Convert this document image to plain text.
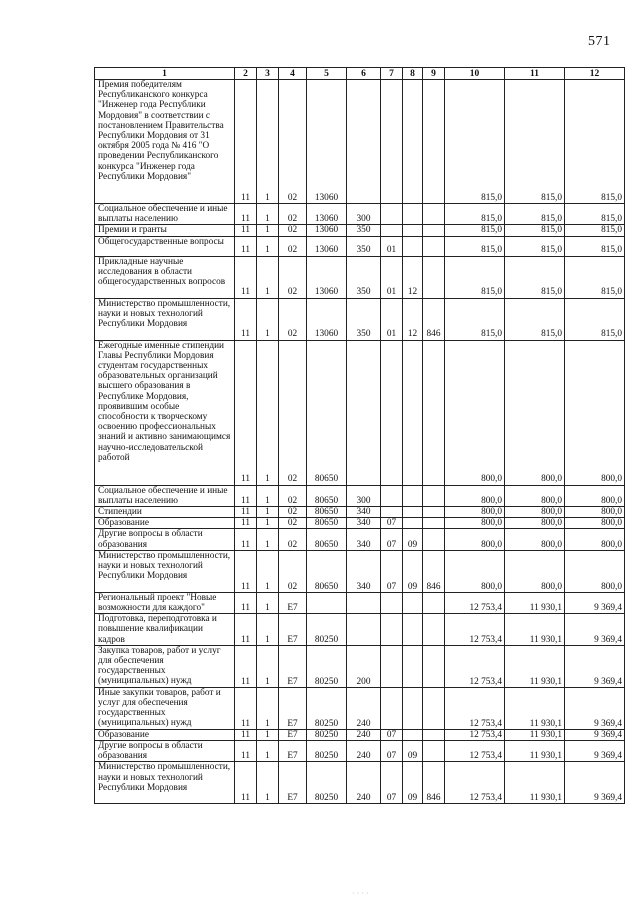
571
1	2	3	4	5	6	7	8	9	10	11	12
Премия победителям Республиканского конкурса "Инженер года Республики Мордовия" в соответствии с постановлением Правительства Республики Мордовия от 31 октября 2005 года № 416 "О проведении Республиканского конкурса "Инженер года Республики Мордовия"	11	1	02	13060					815,0	815,0	815,0
Социальное обеспечение и иные выплаты населению	11	1	02	13060	300				815,0	815,0	815,0
Премии и гранты	11	1	02	13060	350				815,0	815,0	815,0
Общегосударственные вопросы	11	1	02	13060	350	01			815,0	815,0	815,0
Прикладные научные исследования в области общегосударственных вопросов	11	1	02	13060	350	01	12		815,0	815,0	815,0
Министерство промышленности, науки и новых технологий Республики Мордовия	11	1	02	13060	350	01	12	846	815,0	815,0	815,0
Ежегодные именные стипендии Главы Республики Мордовия студентам государственных образовательных организаций высшего образования в Республике Мордовия, проявившим особые способности к творческому освоению профессиональных знаний и активно занимающимся научно-исследовательской работой	11	1	02	80650					800,0	800,0	800,0
Социальное обеспечение и иные выплаты населению	11	1	02	80650	300				800,0	800,0	800,0
Стипендии	11	1	02	80650	340				800,0	800,0	800,0
Образование	11	1	02	80650	340	07			800,0	800,0	800,0
Другие вопросы в области образования	11	1	02	80650	340	07	09		800,0	800,0	800,0
Министерство промышленности, науки и новых технологий Республики Мордовия	11	1	02	80650	340	07	09	846	800,0	800,0	800,0
Региональный проект "Новые возможности для каждого"	11	1	E7						12 753,4	11 930,1	9 369,4
Подготовка, переподготовка и повышение квалификации кадров	11	1	E7	80250					12 753,4	11 930,1	9 369,4
Закупка товаров, работ и услуг для обеспечения государственных (муниципальных) нужд	11	1	E7	80250	200				12 753,4	11 930,1	9 369,4
Иные закупки товаров, работ и услуг для обеспечения государственных (муниципальных) нужд	11	1	E7	80250	240				12 753,4	11 930,1	9 369,4
Образование	11	1	E7	80250	240	07			12 753,4	11 930,1	9 369,4
Другие вопросы в области образования	11	1	E7	80250	240	07	09		12 753,4	11 930,1	9 369,4
Министерство промышленности, науки и новых технологий Республики Мордовия	11	1	E7	80250	240	07	09	846	12 753,4	11 930,1	9 369,4
· · · ·
